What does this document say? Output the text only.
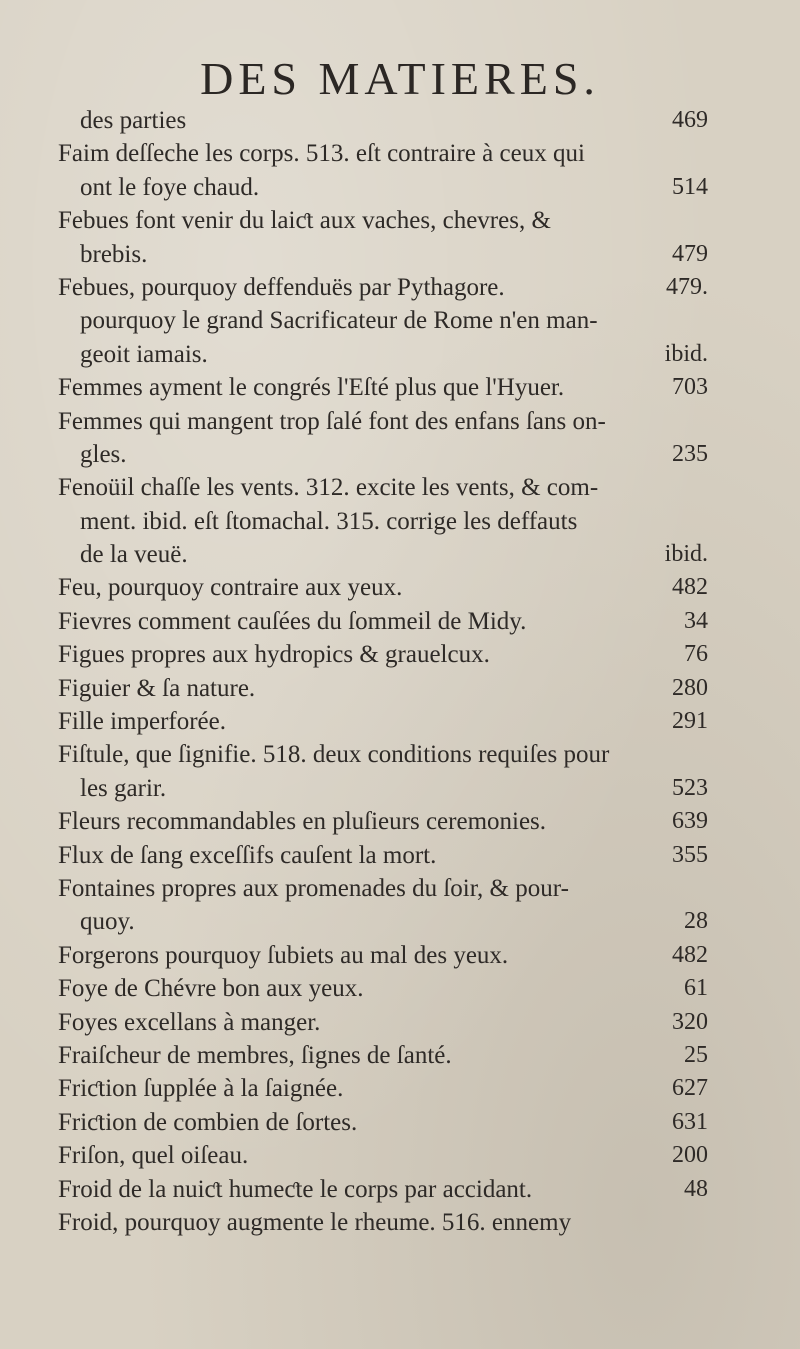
DES MATIERES.
des parties	469
Faim deſſeche les corps. 513. eſt contraire à ceux qui
ont le foye chaud.	514
Febues font venir du laiƈt aux vaches, chevres, &
brebis.	479
Febues, pourquoy deffenduës par Pythagore.	479.
pourquoy le grand Sacrificateur de Rome n'en man-
geoit iamais.	ibid.
Femmes ayment le congrés l'Eſté plus que l'Hyuer.	703
Femmes qui mangent trop ſalé font des enfans ſans on-
gles.	235
Fenoüil chaſſe les vents. 312. excite les vents, & com-
ment. ibid. eſt ſtomachal. 315. corrige les deffauts
de la veuë.	ibid.
Feu, pourquoy contraire aux yeux.	482
Fievres comment cauſées du ſommeil de Midy.	34
Figues propres aux hydropics & grauelcux.	76
Figuier & ſa nature.	280
Fille imperforée.	291
Fiſtule, que ſignifie. 518. deux conditions requiſes pour
les garir.	523
Fleurs recommandables en pluſieurs ceremonies.	639
Flux de ſang exceſſifs cauſent la mort.	355
Fontaines propres aux promenades du ſoir, & pour-
quoy.	28
Forgerons pourquoy ſubiets au mal des yeux.	482
Foye de Chévre bon aux yeux.	61
Foyes excellans à manger.	320
Fraiſcheur de membres, ſignes de ſanté.	25
Friƈtion ſupplée à la ſaignée.	627
Friƈtion de combien de ſortes.	631
Friſon, quel oiſeau.	200
Froid de la nuiƈt humeƈte le corps par accidant.	48
Froid, pourquoy augmente le rheume. 516. ennemy
